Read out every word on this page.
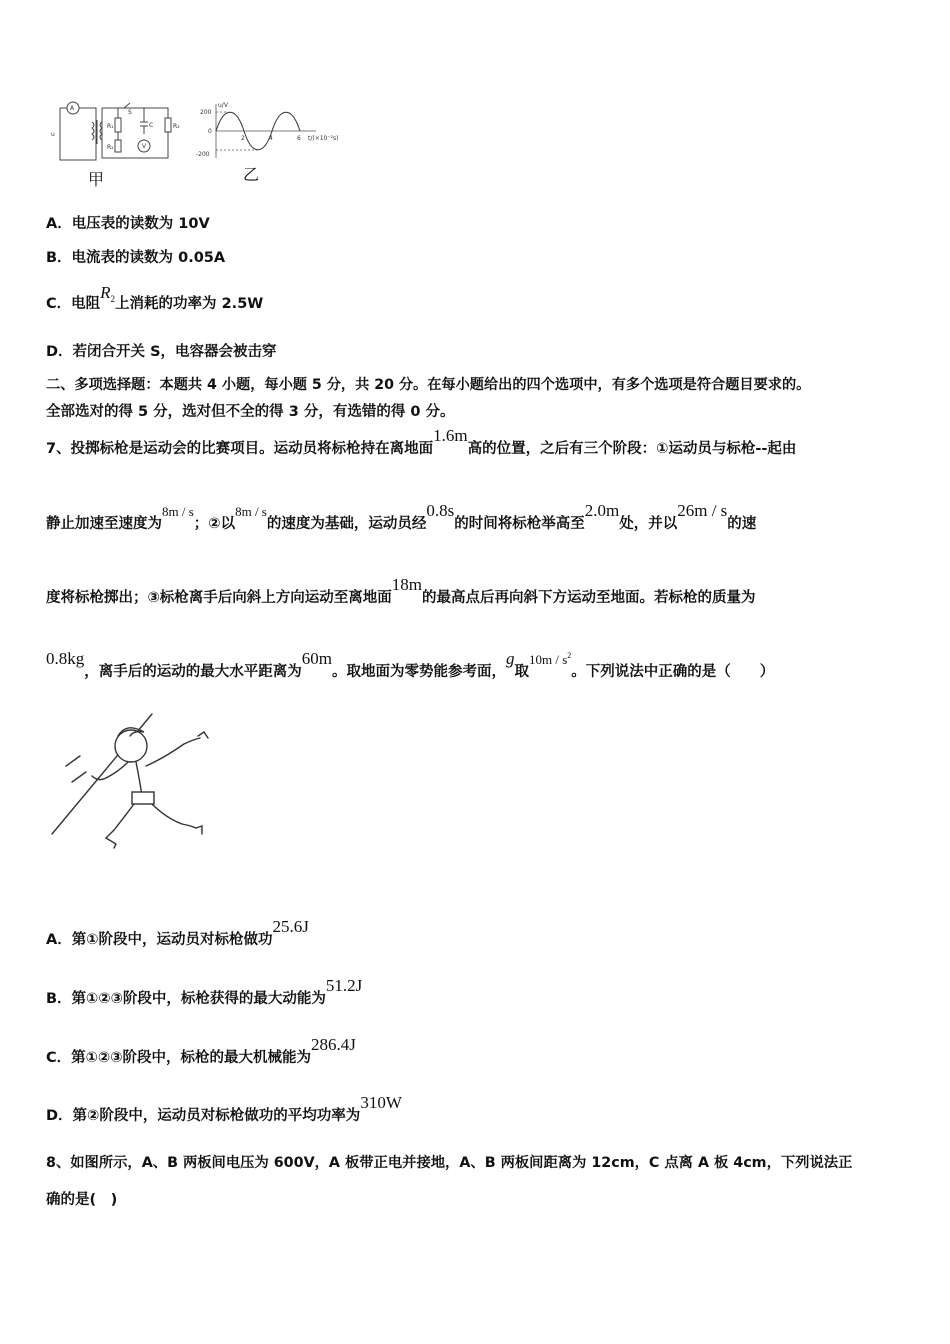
A
V
S
C
R₁
R₂
R₃
u
甲
u/V
200
0
-200
2	4	6 t/(×10⁻²s)
乙
A．电压表的读数为 10V
B．电流表的读数为 0.05A
C．电阻$R^2$上消耗的功率为 2.5W
D．若闭合开关 S，电容器会被击穿
二、多项选择题：本题共 4 小题，每小题 5 分，共 20 分。在每小题给出的四个选项中，有多个选项是符合题目要求的。
全部选对的得 5 分，选对但不全的得 3 分，有选错的得 0 分。
7、投掷标枪是运动会的比赛项目。运动员将标枪持在离地面1.6m高的位置，之后有三个阶段：①运动员与标枪--起由
静止加速至速度为8m / s；②以8m / s的速度为基础，运动员经0.8s的时间将标枪举高至2.0m处，并以26m / s的速
度将标枪掷出；③标枪离手后向斜上方向运动至离地面18m的最高点后再向斜下方运动至地面。若标枪的质量为
0.8kg，离手后的运动的最大水平距离为60m。取地面为零势能参考面，g取$10m / s^2$。下列说法中正确的是（　　）
A．第①阶段中，运动员对标枪做功25.6J
B．第①②③阶段中，标枪获得的最大动能为51.2J
C．第①②③阶段中，标枪的最大机械能为286.4J
D．第②阶段中，运动员对标枪做功的平均功率为310W
8、如图所示，A、B 两板间电压为 600V，A 板带正电并接地，A、B 两板间距离为 12cm，C 点离 A 板 4cm，下列说法正
确的是(　)
